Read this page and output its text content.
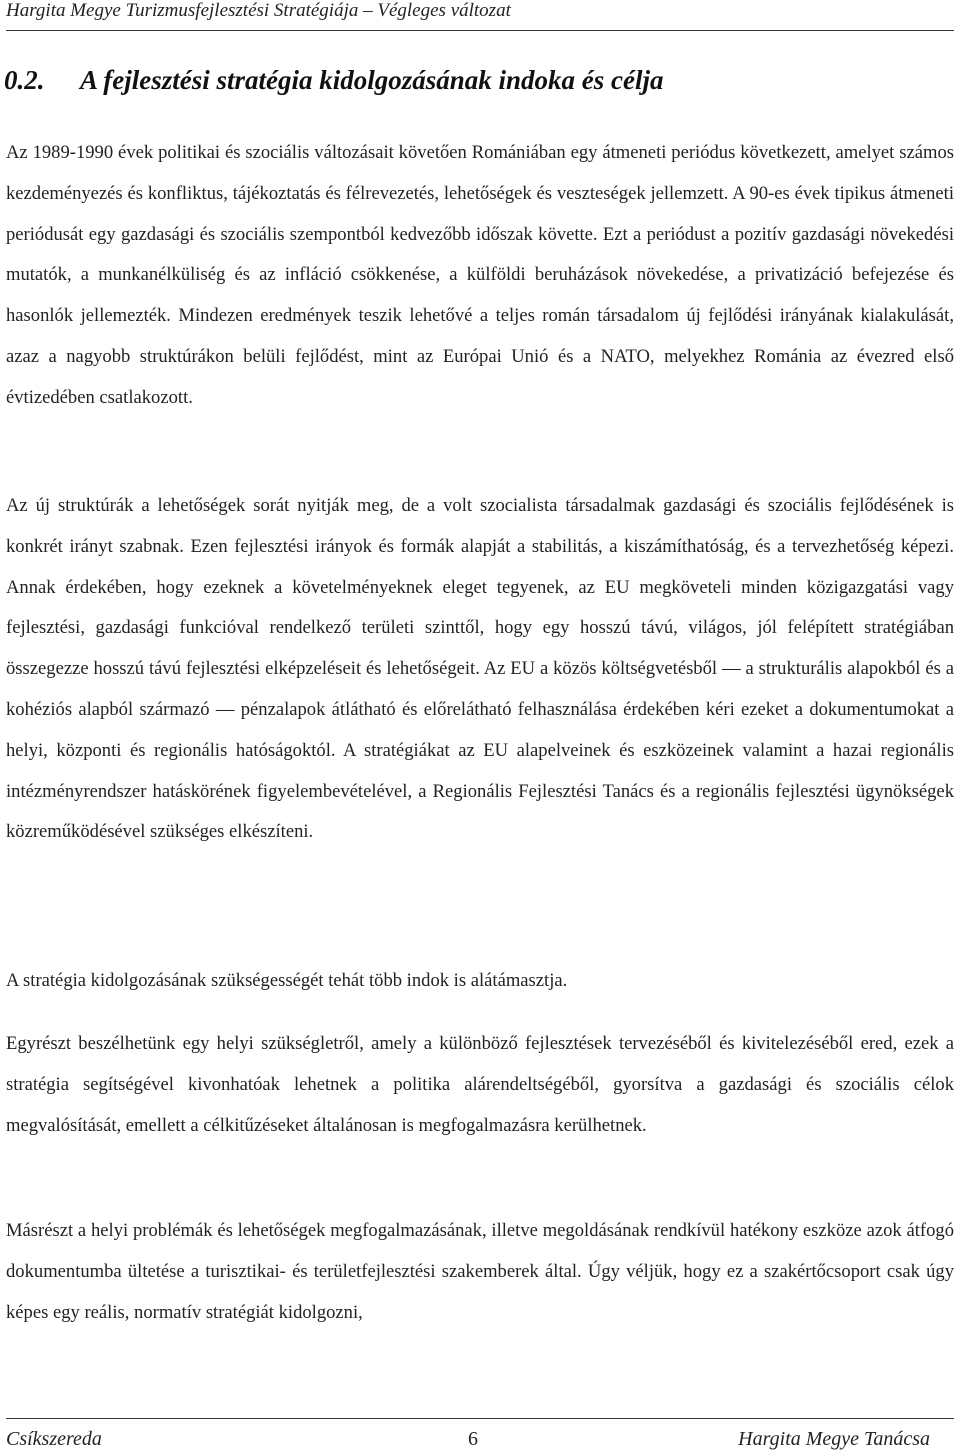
Hargita Megye Turizmusfejlesztési Stratégiája – Végleges változat
0.2. A fejlesztési stratégia kidolgozásának indoka és célja

Az 1989-1990 évek politikai és szociális változásait követően Romániában egy átmeneti periódus következett, amelyet számos kezdeményezés és konfliktus, tájékoztatás és félrevezetés, lehetőségek és veszteségek jellemzett. A 90-es évek tipikus átmeneti periódusát egy gazdasági és szociális szempontból kedvezőbb időszak követte. Ezt a periódust a pozitív gazdasági növekedési mutatók, a munkanélküliség és az infláció csökkenése, a külföldi beruházások növekedése, a privatizáció befejezése és hasonlók jellemezték. Mindezen eredmények teszik lehetővé a teljes román társadalom új fejlődési irányának kialakulását, azaz a nagyobb struktúrákon belüli fejlődést, mint az Európai Unió és a NATO, melyekhez Románia az évezred első évtizedében csatlakozott.

Az új struktúrák a lehetőségek sorát nyitják meg, de a volt szocialista társadalmak gazdasági és szociális fejlődésének is konkrét irányt szabnak. Ezen fejlesztési irányok és formák alapját a stabilitás, a kiszámíthatóság, és a tervezhetőség képezi. Annak érdekében, hogy ezeknek a követelményeknek eleget tegyenek, az EU megköveteli minden közigazgatási vagy fejlesztési, gazdasági funkcióval rendelkező területi szinttől, hogy egy hosszú távú, világos, jól felépített stratégiában összegezze hosszú távú fejlesztési elképzeléseit és lehetőségeit. Az EU a közös költségvetésből — a strukturális alapokból és a kohéziós alapból származó — pénzalapok átlátható és előrelátható felhasználása érdekében kéri ezeket a dokumentumokat a helyi, központi és regionális hatóságoktól. A stratégiákat az EU alapelveinek és eszközeinek valamint a hazai regionális intézményrendszer hatáskörének figyelembevételével, a Regionális Fejlesztési Tanács és a regionális fejlesztési ügynökségek közreműködésével szükséges elkészíteni.

A stratégia kidolgozásának szükségességét tehát több indok is alátámasztja.

Egyrészt beszélhetünk egy helyi szükségletről, amely a különböző fejlesztések tervezéséből és kivitelezéséből ered, ezek a stratégia segítségével kivonhatóak lehetnek a politika alárendeltségéből, gyorsítva a gazdasági és szociális célok megvalósítását, emellett a célkitűzéseket általánosan is megfogalmazásra kerülhetnek.

Másrészt a helyi problémák és lehetőségek megfogalmazásának, illetve megoldásának rendkívül hatékony eszköze azok átfogó dokumentumba ültetése a turisztikai- és területfejlesztési szakemberek által. Úgy véljük, hogy ez a szakértőcsoport csak úgy képes egy reális, normatív stratégiát kidolgozni,

Csíkszereda	6	Hargita Megye Tanácsa
